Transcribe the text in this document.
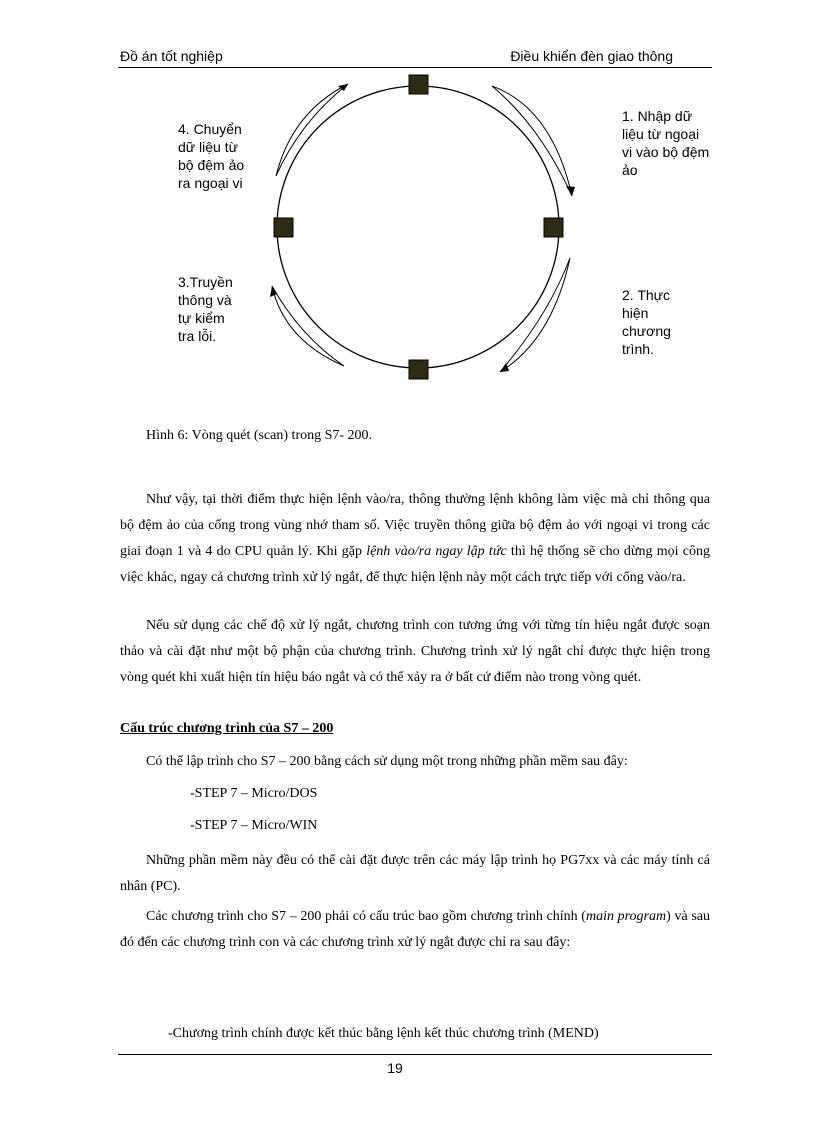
Đồ án tốt nghiệp	Điều khiển đèn giao thông
1. Nhập dữ
liệu từ ngoại
vi vào bộ đệm
ảo
2. Thực
hiện
chương
trình.
3.Truyền
thông và
tự kiểm
tra lỗi.
4. Chuyển
dữ liệu từ
bộ đệm ảo
ra ngoại vi
Hình 6: Vòng quét (scan) trong S7- 200.
Như vậy, tại thời điểm thực hiện lệnh vào/ra, thông thường lệnh không làm việc mà chỉ thông qua bộ đệm ảo của cổng trong vùng nhớ tham số. Việc truyền thông giữa bộ đệm ảo với ngoại vi trong các giai đoạn 1 và 4 do CPU quản lý. Khi gặp lệnh vào/ra ngay lập tức thì hệ thống sẽ cho dừng mọi công việc khác, ngay cả chương trình xử lý ngắt, để thực hiện lệnh này một cách trực tiếp với cổng vào/ra.
Nếu sử dụng các chế độ xử lý ngắt, chương trình con tương ứng với từng tín hiệu ngắt được soạn thảo và cài đặt như một bộ phận của chương trình. Chương trình xử lý ngắt chỉ được thực hiện trong vòng quét khi xuất hiện tín hiệu báo ngắt và có thể xảy ra ở bất cứ điểm nào trong vòng quét.
Cấu trúc chương trình của S7 – 200
Có thể lập trình cho S7 – 200 bằng cách sử dụng một trong những phần mềm sau đây:
-STEP 7 – Micro/DOS
-STEP 7 – Micro/WIN
Những phần mềm này đều có thể cài đặt được trên các máy lập trình họ PG7xx và các máy tính cá nhân (PC).
Các chương trình cho S7 – 200 phải có cấu trúc bao gồm chương trình chính (main program) và sau đó đến các chương trình con và các chương trình xử lý ngắt được chỉ ra sau đây:
-Chương trình chính được kết thúc bằng lệnh kết thúc chương trình (MEND)
19
